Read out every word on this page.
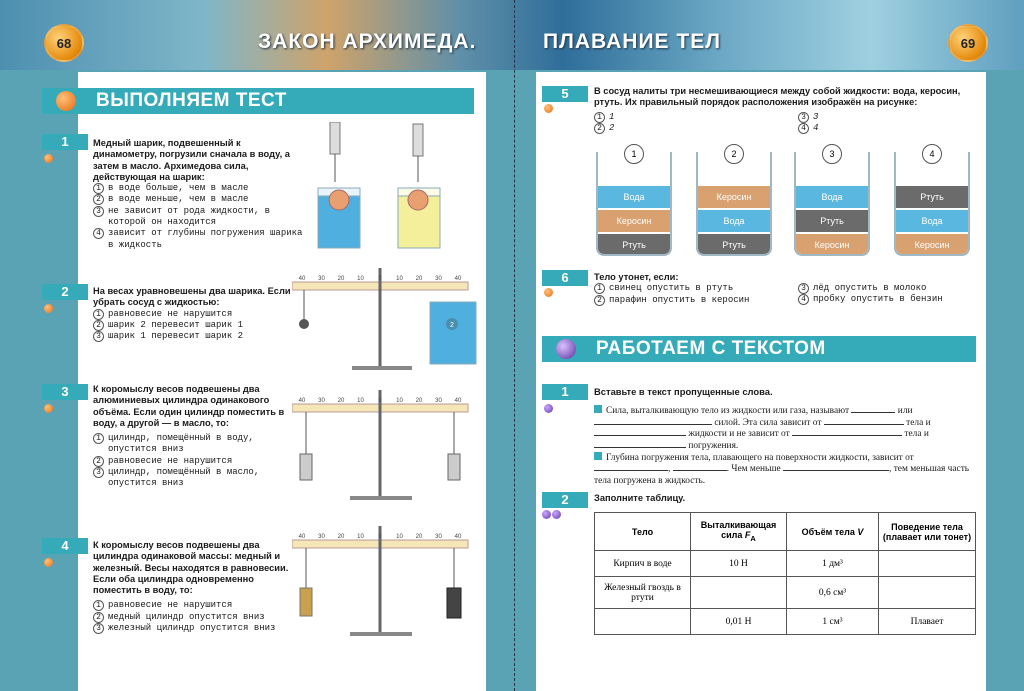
68	ЗАКОН АРХИМЕДА.	ПЛАВАНИЕ ТЕЛ	69
ВЫПОЛНЯЕМ ТЕСТ
1	Медный шарик, подвешенный к динамометру, погрузили сначала в воду, а затем в масло. Архимедова сила, действующая на шарик:
1 в воде больше, чем в масле
2 в воде меньше, чем в масле
3 не зависит от рода жидкости, в которой он находится
4 зависит от глубины погружения шарика в жидкость
2	На весах уравновешены два шарика. Если убрать сосуд с жидкостью:
1 равновесие не нарушится
2 шарик 2 перевесит шарик 1
3 шарик 1 перевесит шарик 2
2
40 30 20 10 0 10 20 30 40
3	К коромыслу весов подвешены два алюминиевых цилиндра одинакового объёма. Если один цилиндр поместить в воду, а другой — в масло, то:
1 цилиндр, помещённый в воду, опустится вниз
2 равновесие не нарушится
3 цилиндр, помещённый в масло, опустится вниз
40 30 20 10 0 10 20 30 40
4	К коромыслу весов подвешены два цилиндра одинаковой массы: медный и железный. Весы находятся в равновесии. Если оба цилиндра одновременно поместить в воду, то:
1 равновесие не нарушится
2 медный цилиндр опустится вниз
3 железный цилиндр опустится вниз
40 30 20 10 0 10 20 30 40
5	В сосуд налиты три несмешивающиеся между собой жидкости: вода, керосин, ртуть. Их правильный порядок расположения изображён на рисунке:
1 1
2 2
3 3
4 4
Вода
Керосин
Ртуть
1
Керосин
Вода
Ртуть
2
Вода
Ртуть
Керосин
3
Ртуть
Вода
Керосин
4
6	Тело утонет, если:
1 свинец опустить в ртуть
2 парафин опустить в керосин
3 лёд опустить в молоко
4 пробку опустить в бензин
РАБОТАЕМ С ТЕКСТОМ
1	Вставьте в текст пропущенные слова.
Сила, выталкивающую тело из жидкости или газа, называют	или  силой. Эта сила зависит от	тела и  жидкости и не зависит от	тела и  погружения.
Глубина погружения тела, плавающего на поверхности жидкости, зависит от ,	. Чем меньше	, тем меньшая часть тела погружена в жидкость.
2	Заполните таблицу.
Тело	Выталкивающая сила $F_А$	Объём тела V	Поведение тела (плавает или тонет)
Кирпич в воде	10 Н	1 дм³	
Железный гвоздь в ртути		0,6 см³	
	0,01 Н	1 см³	Плавает
